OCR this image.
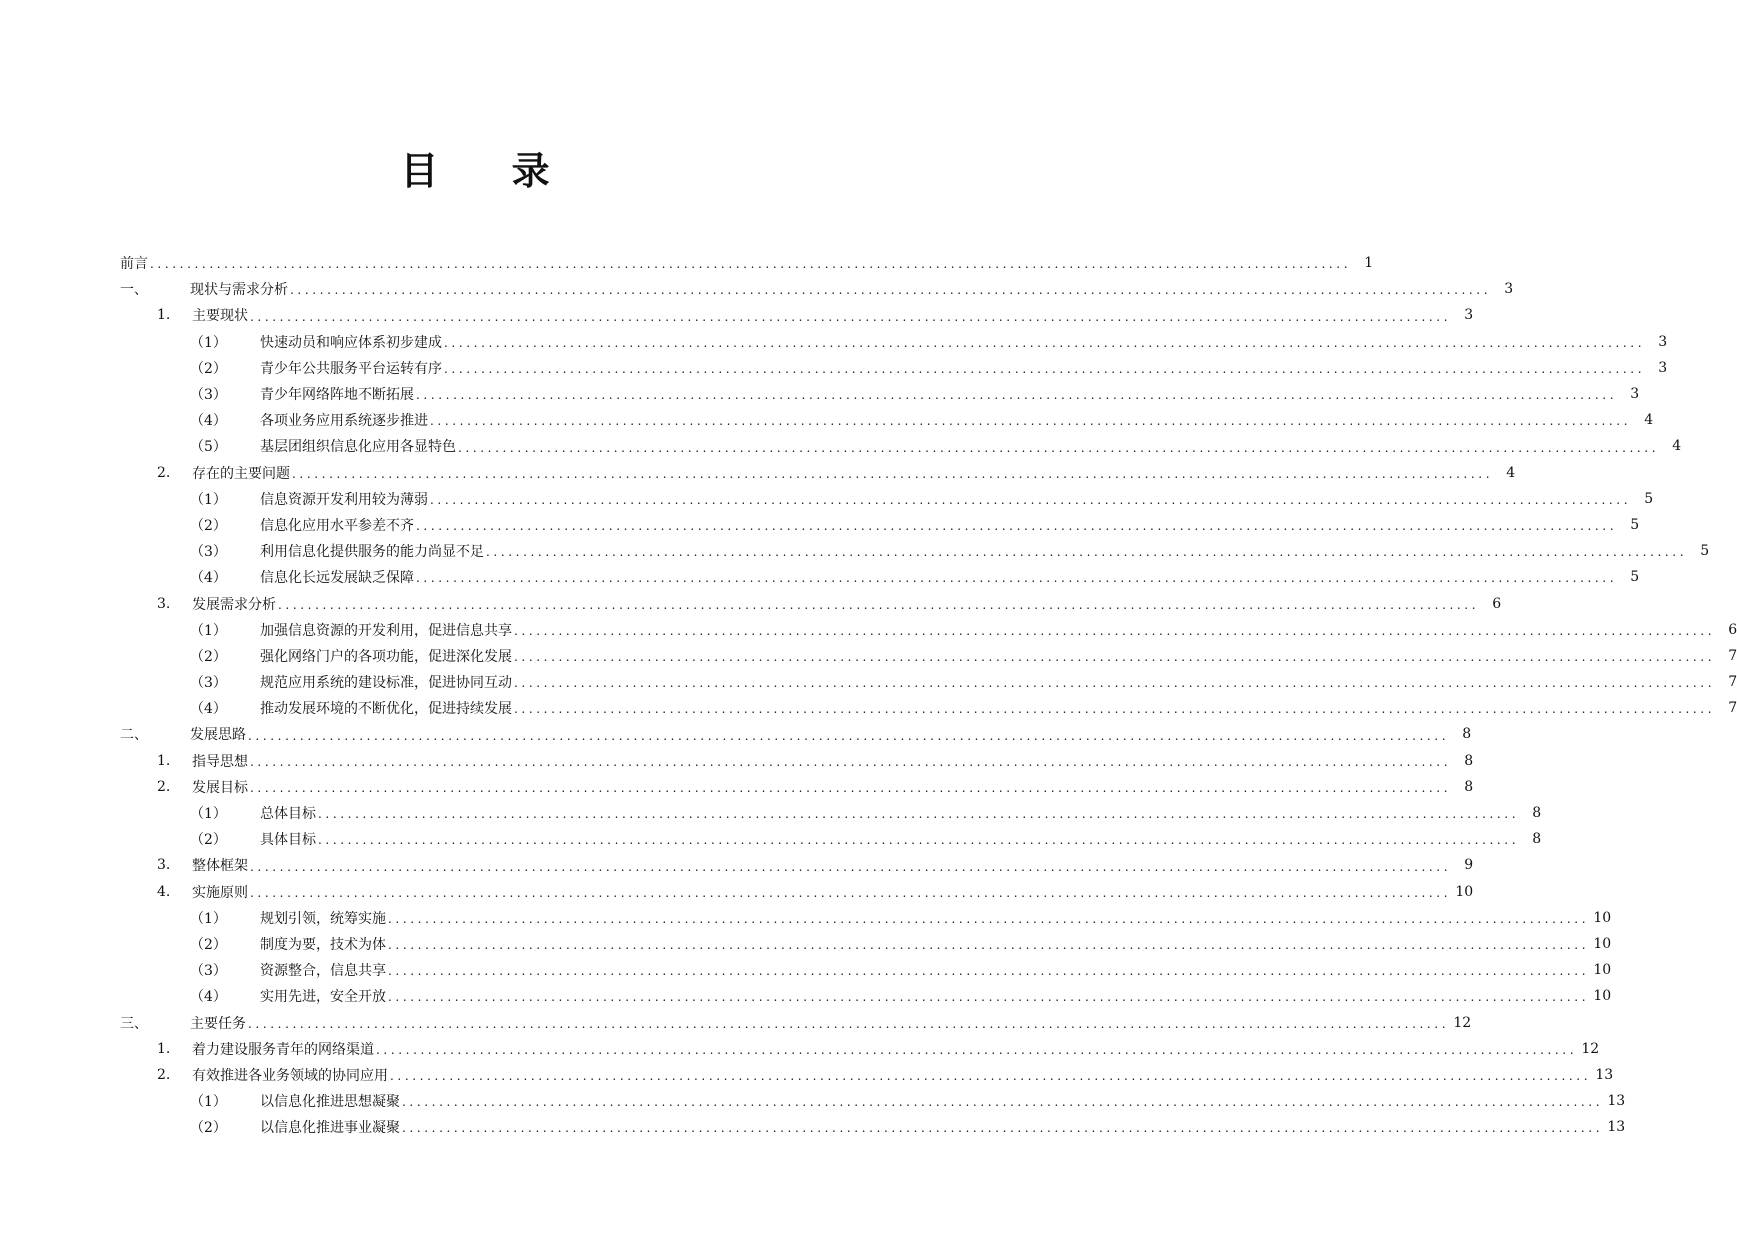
目 录
前言 .................................................................................................................................................................. 1
一、	现状与需求分析 .................................................................................................................................................................. 3
1.	主要现状 .................................................................................................................................................................. 3
（1）	快速动员和响应体系初步建成 .................................................................................................................................................................. 3
（2）	青少年公共服务平台运转有序 .................................................................................................................................................................. 3
（3）	青少年网络阵地不断拓展 .................................................................................................................................................................. 3
（4）	各项业务应用系统逐步推进 .................................................................................................................................................................. 4
（5）	基层团组织信息化应用各显特色 .................................................................................................................................................................. 4
2.	存在的主要问题 .................................................................................................................................................................. 4
（1）	信息资源开发利用较为薄弱 .................................................................................................................................................................. 5
（2）	信息化应用水平参差不齐 .................................................................................................................................................................. 5
（3）	利用信息化提供服务的能力尚显不足 .................................................................................................................................................................. 5
（4）	信息化长远发展缺乏保障 .................................................................................................................................................................. 5
3.	发展需求分析 .................................................................................................................................................................. 6
（1）	加强信息资源的开发利用，促进信息共享 .................................................................................................................................................................. 6
（2）	强化网络门户的各项功能，促进深化发展 .................................................................................................................................................................. 7
（3）	规范应用系统的建设标准，促进协同互动 .................................................................................................................................................................. 7
（4）	推动发展环境的不断优化，促进持续发展 .................................................................................................................................................................. 7
二、	发展思路 .................................................................................................................................................................. 8
1.	指导思想 .................................................................................................................................................................. 8
2.	发展目标 .................................................................................................................................................................. 8
（1）	总体目标 .................................................................................................................................................................. 8
（2）	具体目标 .................................................................................................................................................................. 8
3.	整体框架 .................................................................................................................................................................. 9
4.	实施原则 .................................................................................................................................................................. 10
（1）	规划引领，统筹实施 .................................................................................................................................................................. 10
（2）	制度为要，技术为体 .................................................................................................................................................................. 10
（3）	资源整合，信息共享 .................................................................................................................................................................. 10
（4）	实用先进，安全开放 .................................................................................................................................................................. 10
三、	主要任务 .................................................................................................................................................................. 12
1.	着力建设服务青年的网络渠道 .................................................................................................................................................................. 12
2.	有效推进各业务领域的协同应用 .................................................................................................................................................................. 13
（1）	以信息化推进思想凝聚 .................................................................................................................................................................. 13
（2）	以信息化推进事业凝聚 .................................................................................................................................................................. 13
